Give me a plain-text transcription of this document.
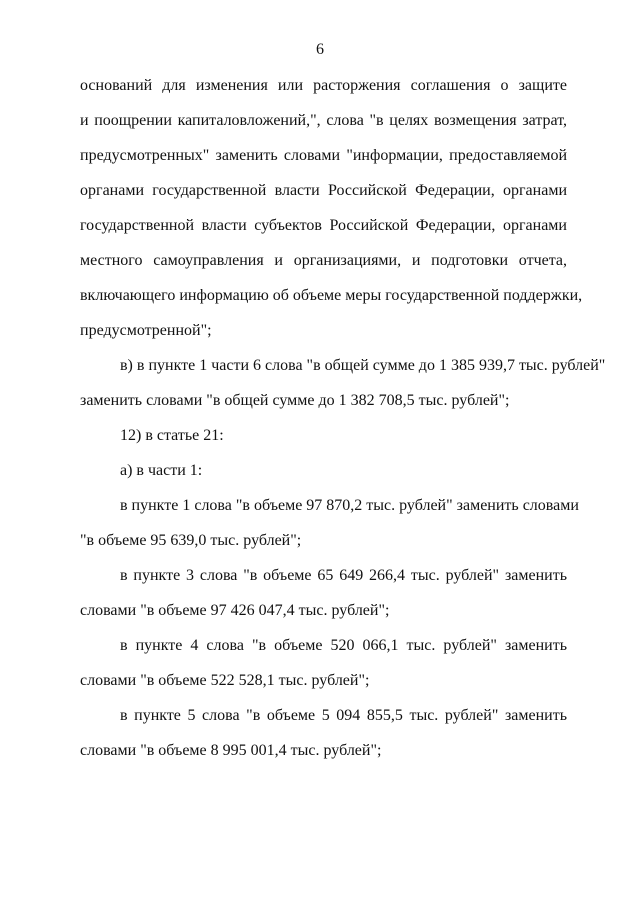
6
оснований для изменения или расторжения соглашения о защите
и поощрении капиталовложений,", слова "в целях возмещения затрат,
предусмотренных" заменить словами "информации, предоставляемой
органами государственной власти Российской Федерации, органами
государственной власти субъектов Российской Федерации, органами
местного самоуправления и организациями, и подготовки отчета,
включающего информацию об объеме меры государственной поддержки,
предусмотренной";
в) в пункте 1 части 6 слова "в общей сумме до 1 385 939,7 тыс. рублей"
заменить словами "в общей сумме до 1 382 708,5 тыс. рублей";
12) в статье 21:
а) в части 1:
в пункте 1 слова "в объеме 97 870,2 тыс. рублей" заменить словами
"в объеме 95 639,0 тыс. рублей";
в пункте 3 слова "в объеме 65 649 266,4 тыс. рублей" заменить
словами "в объеме 97 426 047,4 тыс. рублей";
в пункте 4 слова "в объеме 520 066,1 тыс. рублей" заменить
словами "в объеме 522 528,1 тыс. рублей";
в пункте 5 слова "в объеме 5 094 855,5 тыс. рублей" заменить
словами "в объеме 8 995 001,4 тыс. рублей";
